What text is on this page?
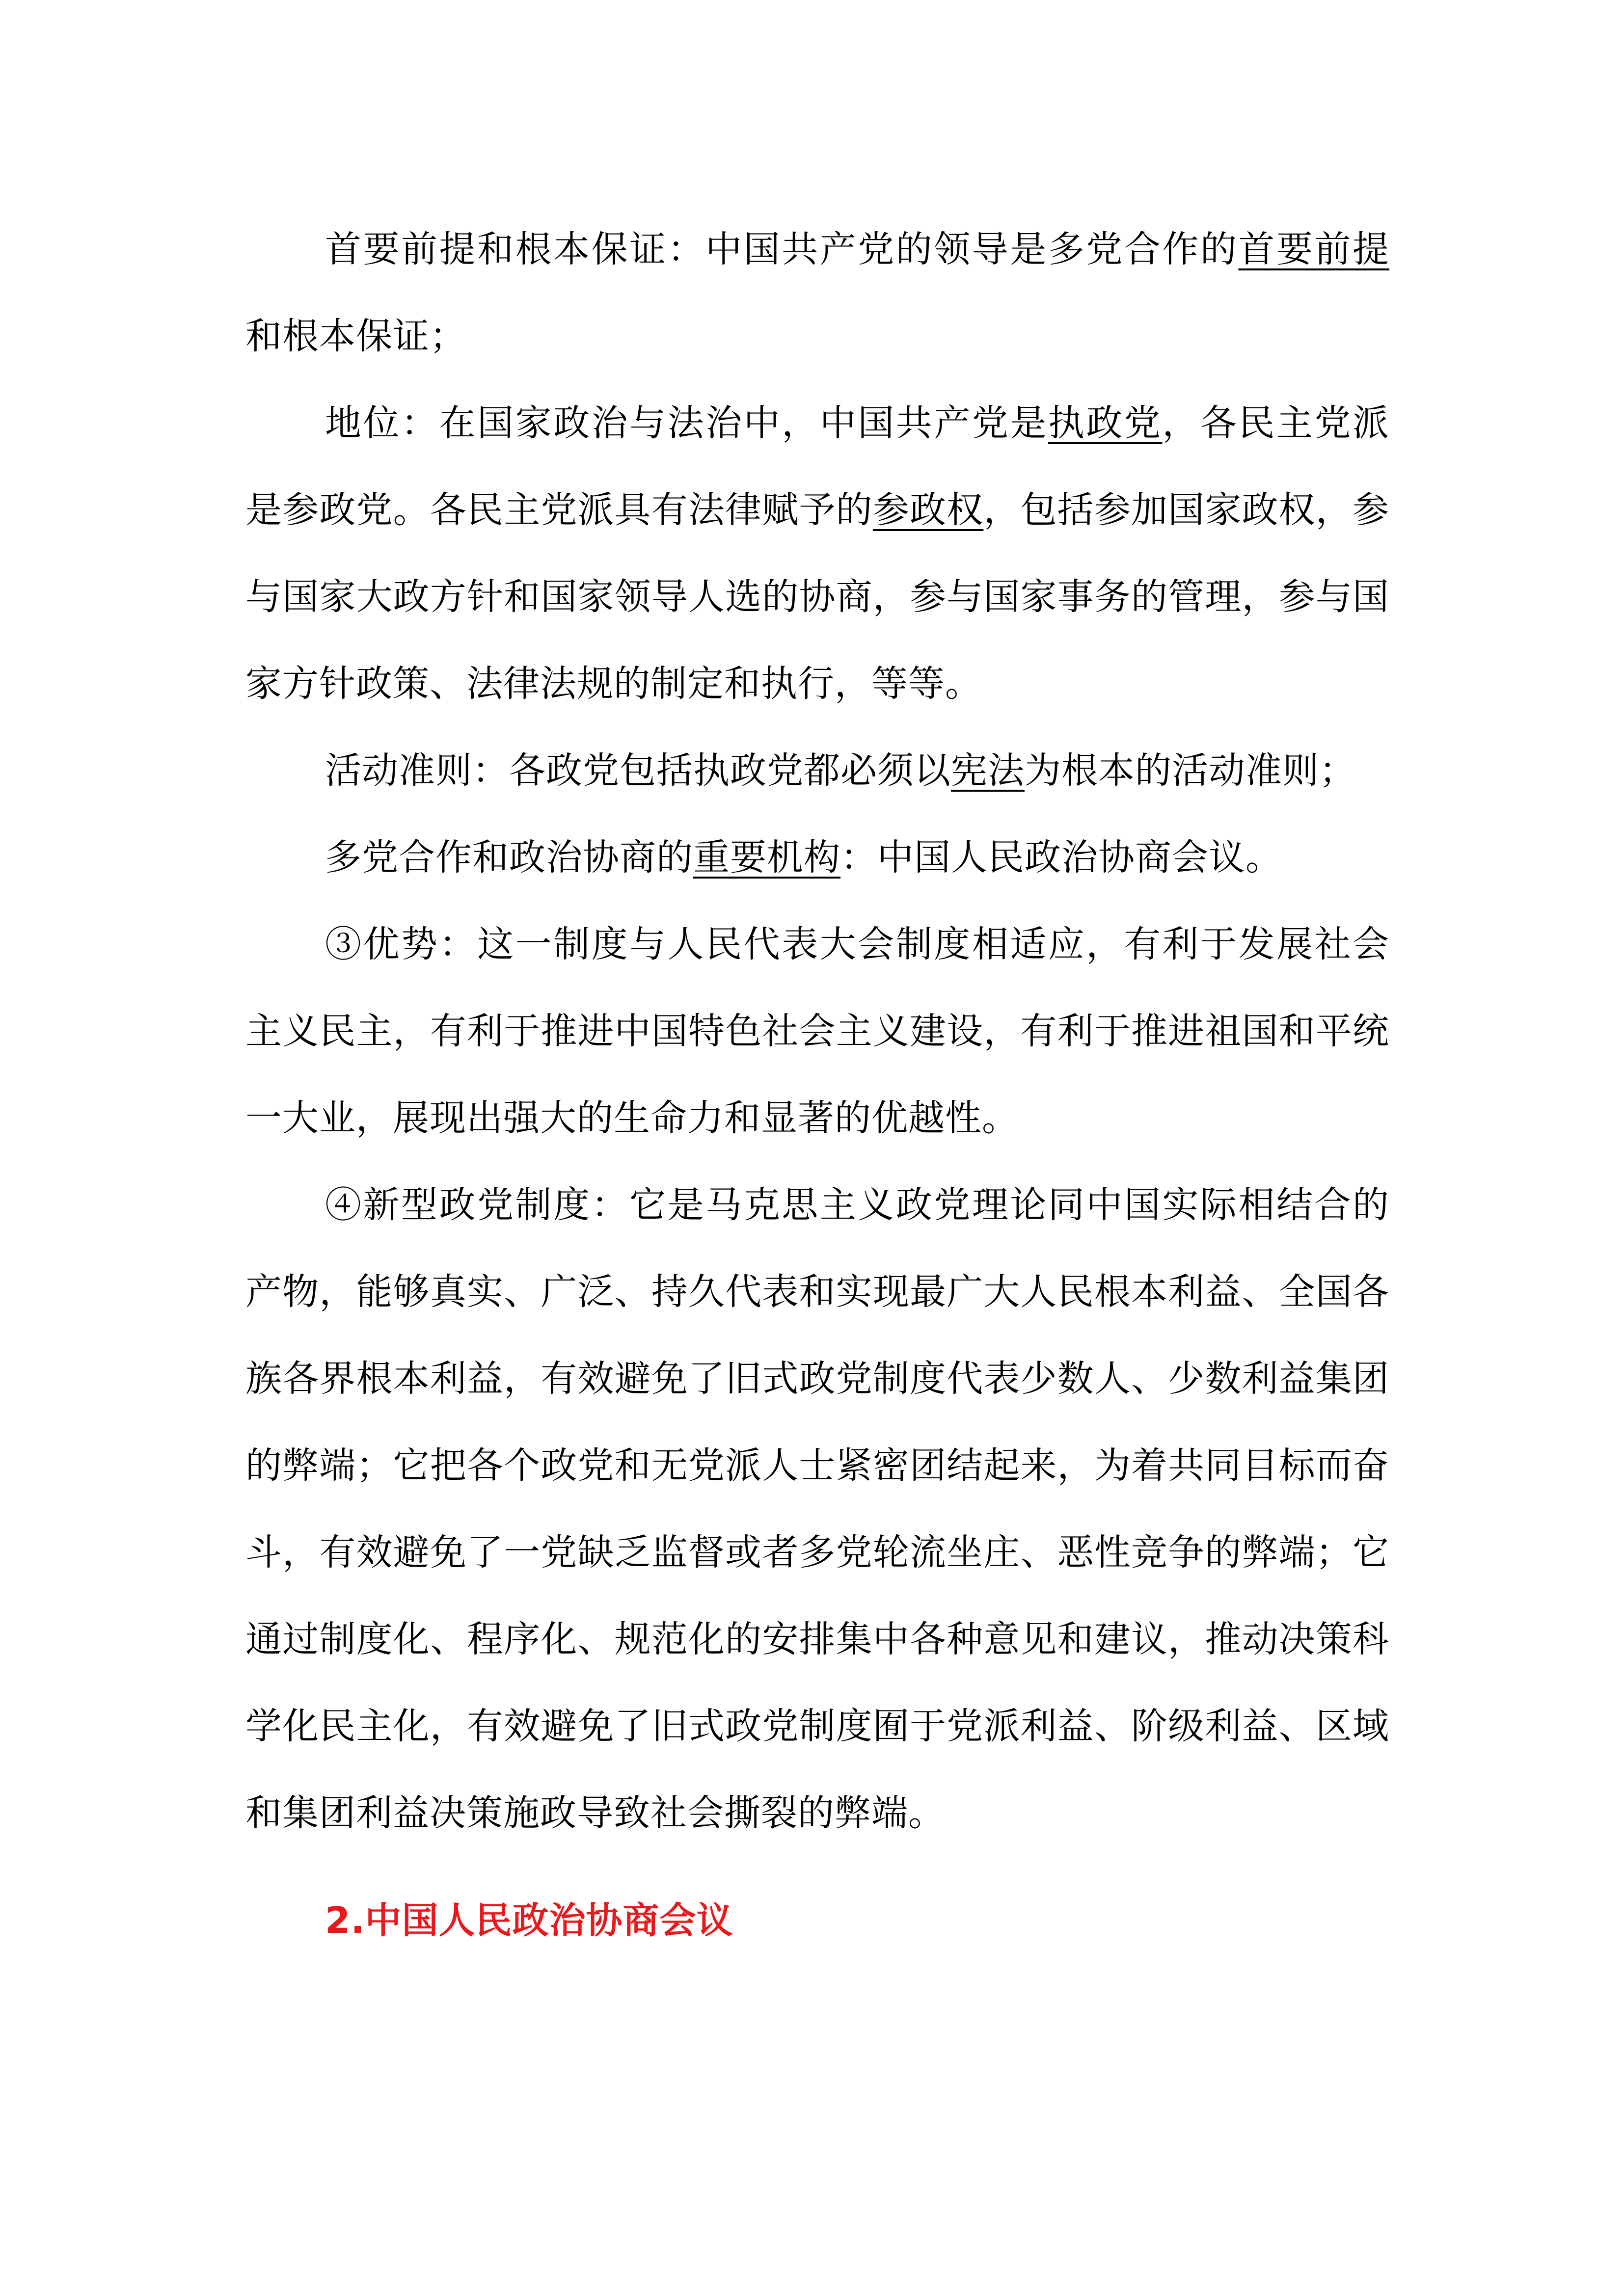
首要前提和根本保证：中国共产党的领导是多党合作的首要前提和根本保证；

地位：在国家政治与法治中，中国共产党是执政党，各民主党派是参政党。各民主党派具有法律赋予的参政权，包括参加国家政权，参与国家大政方针和国家领导人选的协商，参与国家事务的管理，参与国家方针政策、法律法规的制定和执行，等等。

活动准则：各政党包括执政党都必须以宪法为根本的活动准则；

多党合作和政治协商的重要机构：中国人民政治协商会议。

③优势：这一制度与人民代表大会制度相适应，有利于发展社会主义民主，有利于推进中国特色社会主义建设，有利于推进祖国和平统一大业，展现出强大的生命力和显著的优越性。

④新型政党制度：它是马克思主义政党理论同中国实际相结合的产物，能够真实、广泛、持久代表和实现最广大人民根本利益、全国各族各界根本利益，有效避免了旧式政党制度代表少数人、少数利益集团的弊端；它把各个政党和无党派人士紧密团结起来，为着共同目标而奋斗，有效避免了一党缺乏监督或者多党轮流坐庄、恶性竞争的弊端；它通过制度化、程序化、规范化的安排集中各种意见和建议，推动决策科学化民主化，有效避免了旧式政党制度囿于党派利益、阶级利益、区域和集团利益决策施政导致社会撕裂的弊端。

2.中国人民政治协商会议
